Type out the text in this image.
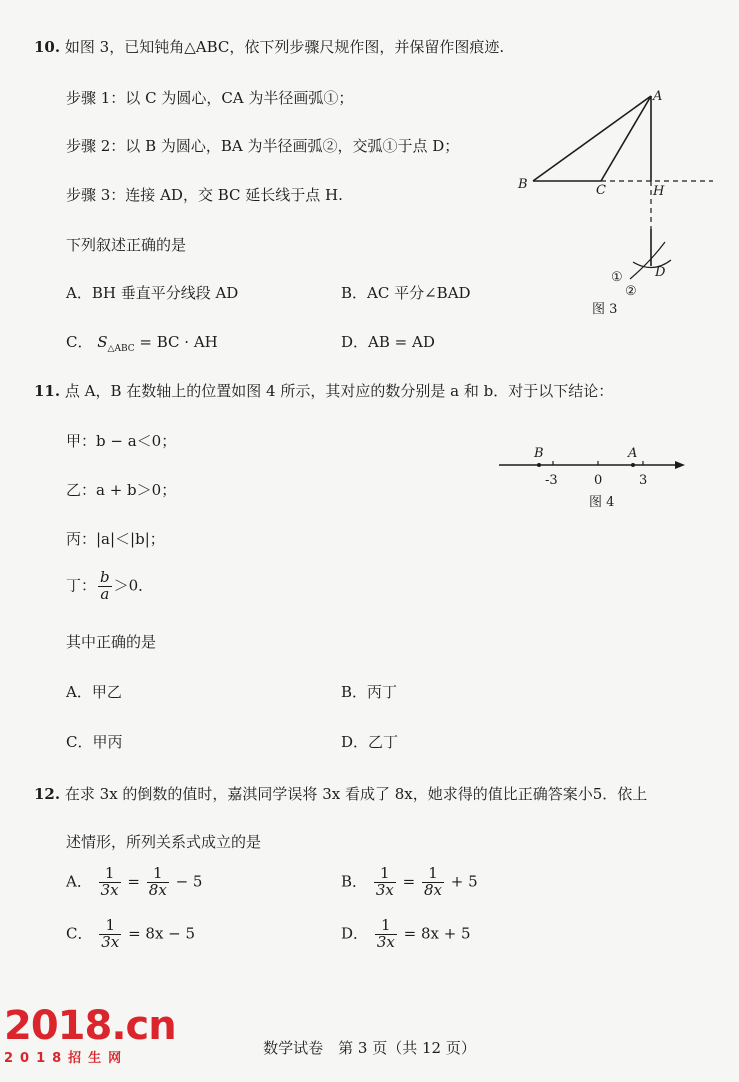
10. 如图 3，已知钝角△ABC，依下列步骤尺规作图，并保留作图痕迹.
步骤 1：以 C 为圆心，CA 为半径画弧①；
步骤 2：以 B 为圆心，BA 为半径画弧②，交弧①于点 D；
步骤 3：连接 AD，交 BC 延长线于点 H.
下列叙述正确的是
A．BH 垂直平分线段 AD	B．AC 平分∠BAD
C． $S_{\triangle ABC}$ = BC · AH	D．AB = AD
A
B	C	H
D
①
②
图 3
11. 点 A，B 在数轴上的位置如图 4 所示，其对应的数分别是 a 和 b．对于以下结论：
甲：b − a＜0；
乙：a + b＞0；
丙：|a|＜|b|；
丁： $\frac{b}{a} >0$．
其中正确的是
A．甲乙	B．丙丁
C．甲丙	D．乙丁
B	A
-3	0	3
图 4
12. 在求 3x 的倒数的值时，嘉淇同学误将 3x 看成了 8x，她求得的值比正确答案小5．依上
述情形，所列关系式成立的是
A． $\frac{1}{3x} = \frac{1}{8x} - 5$	B． $\frac{1}{3x} = \frac{1}{8x} + 5$
C． $\frac{1}{3x} = 8x - 5$	D． $\frac{1}{3x} = 8x + 5$
数学试卷　第 3 页（共 12 页）
2018.cn
2018招生网
